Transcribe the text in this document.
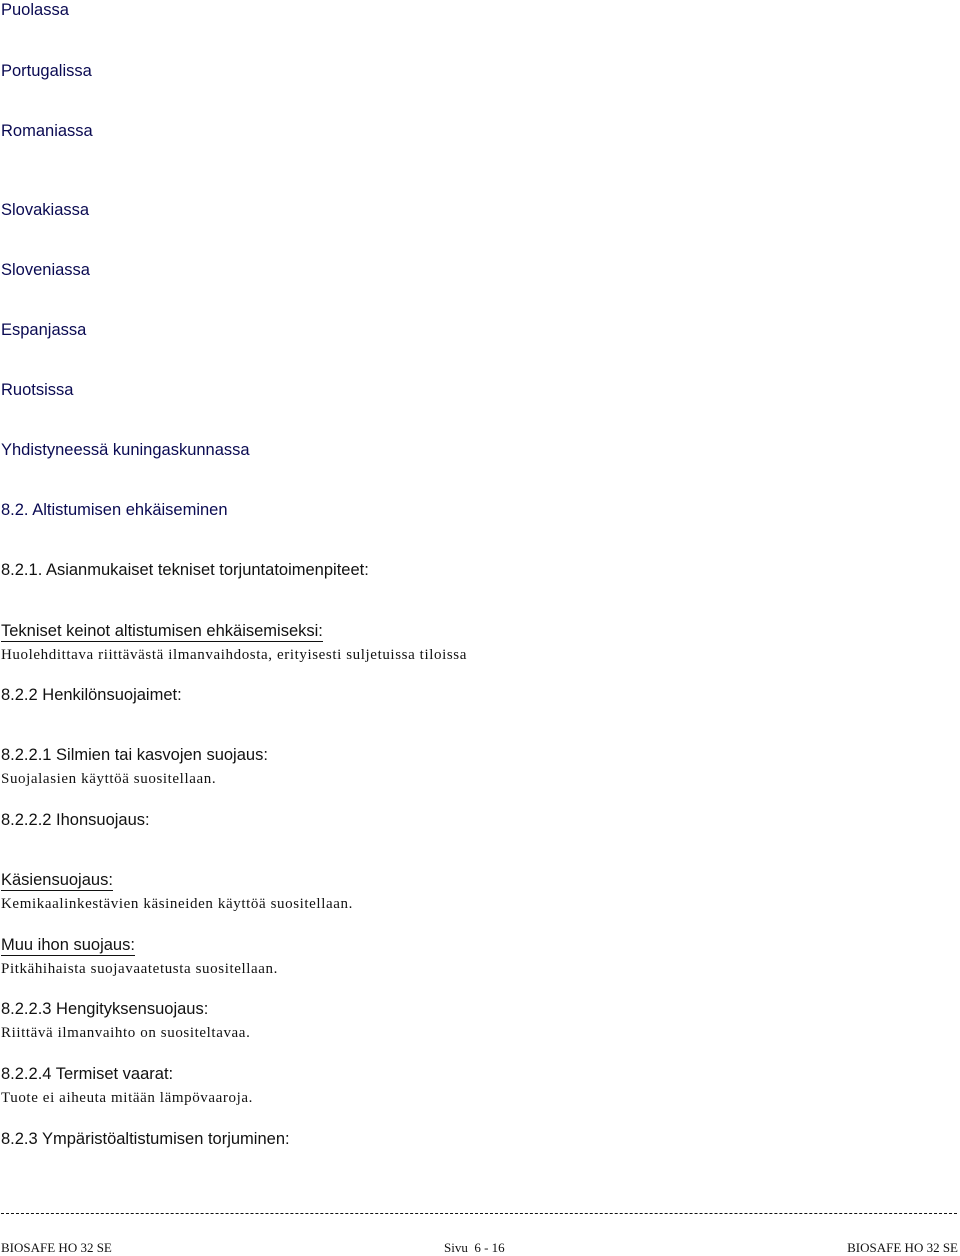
Puolassa
Portugalissa
Romaniassa
Slovakiassa
Sloveniassa
Espanjassa
Ruotsissa
Yhdistyneessä kuningaskunnassa
8.2. Altistumisen ehkäiseminen
8.2.1. Asianmukaiset tekniset torjuntatoimenpiteet:
Tekniset keinot altistumisen ehkäisemiseksi:
Huolehdittava riittävästä ilmanvaihdosta, erityisesti suljetuissa tiloissa
8.2.2 Henkilönsuojaimet:
8.2.2.1 Silmien tai kasvojen suojaus:
Suojalasien käyttöä suositellaan.
8.2.2.2 Ihonsuojaus:
Käsiensuojaus:
Kemikaalinkestävien käsineiden käyttöä suositellaan.
Muu ihon suojaus:
Pitkähihaista suojavaatetusta suositellaan.
8.2.2.3 Hengityksensuojaus:
Riittävä ilmanvaihto on suositeltavaa.
8.2.2.4 Termiset vaarat:
Tuote ei aiheuta mitään lämpövaaroja.
8.2.3 Ympäristöaltistumisen torjuminen:
BIOSAFE HO 32 SE	Sivu  6 - 16	BIOSAFE HO 32 SE
